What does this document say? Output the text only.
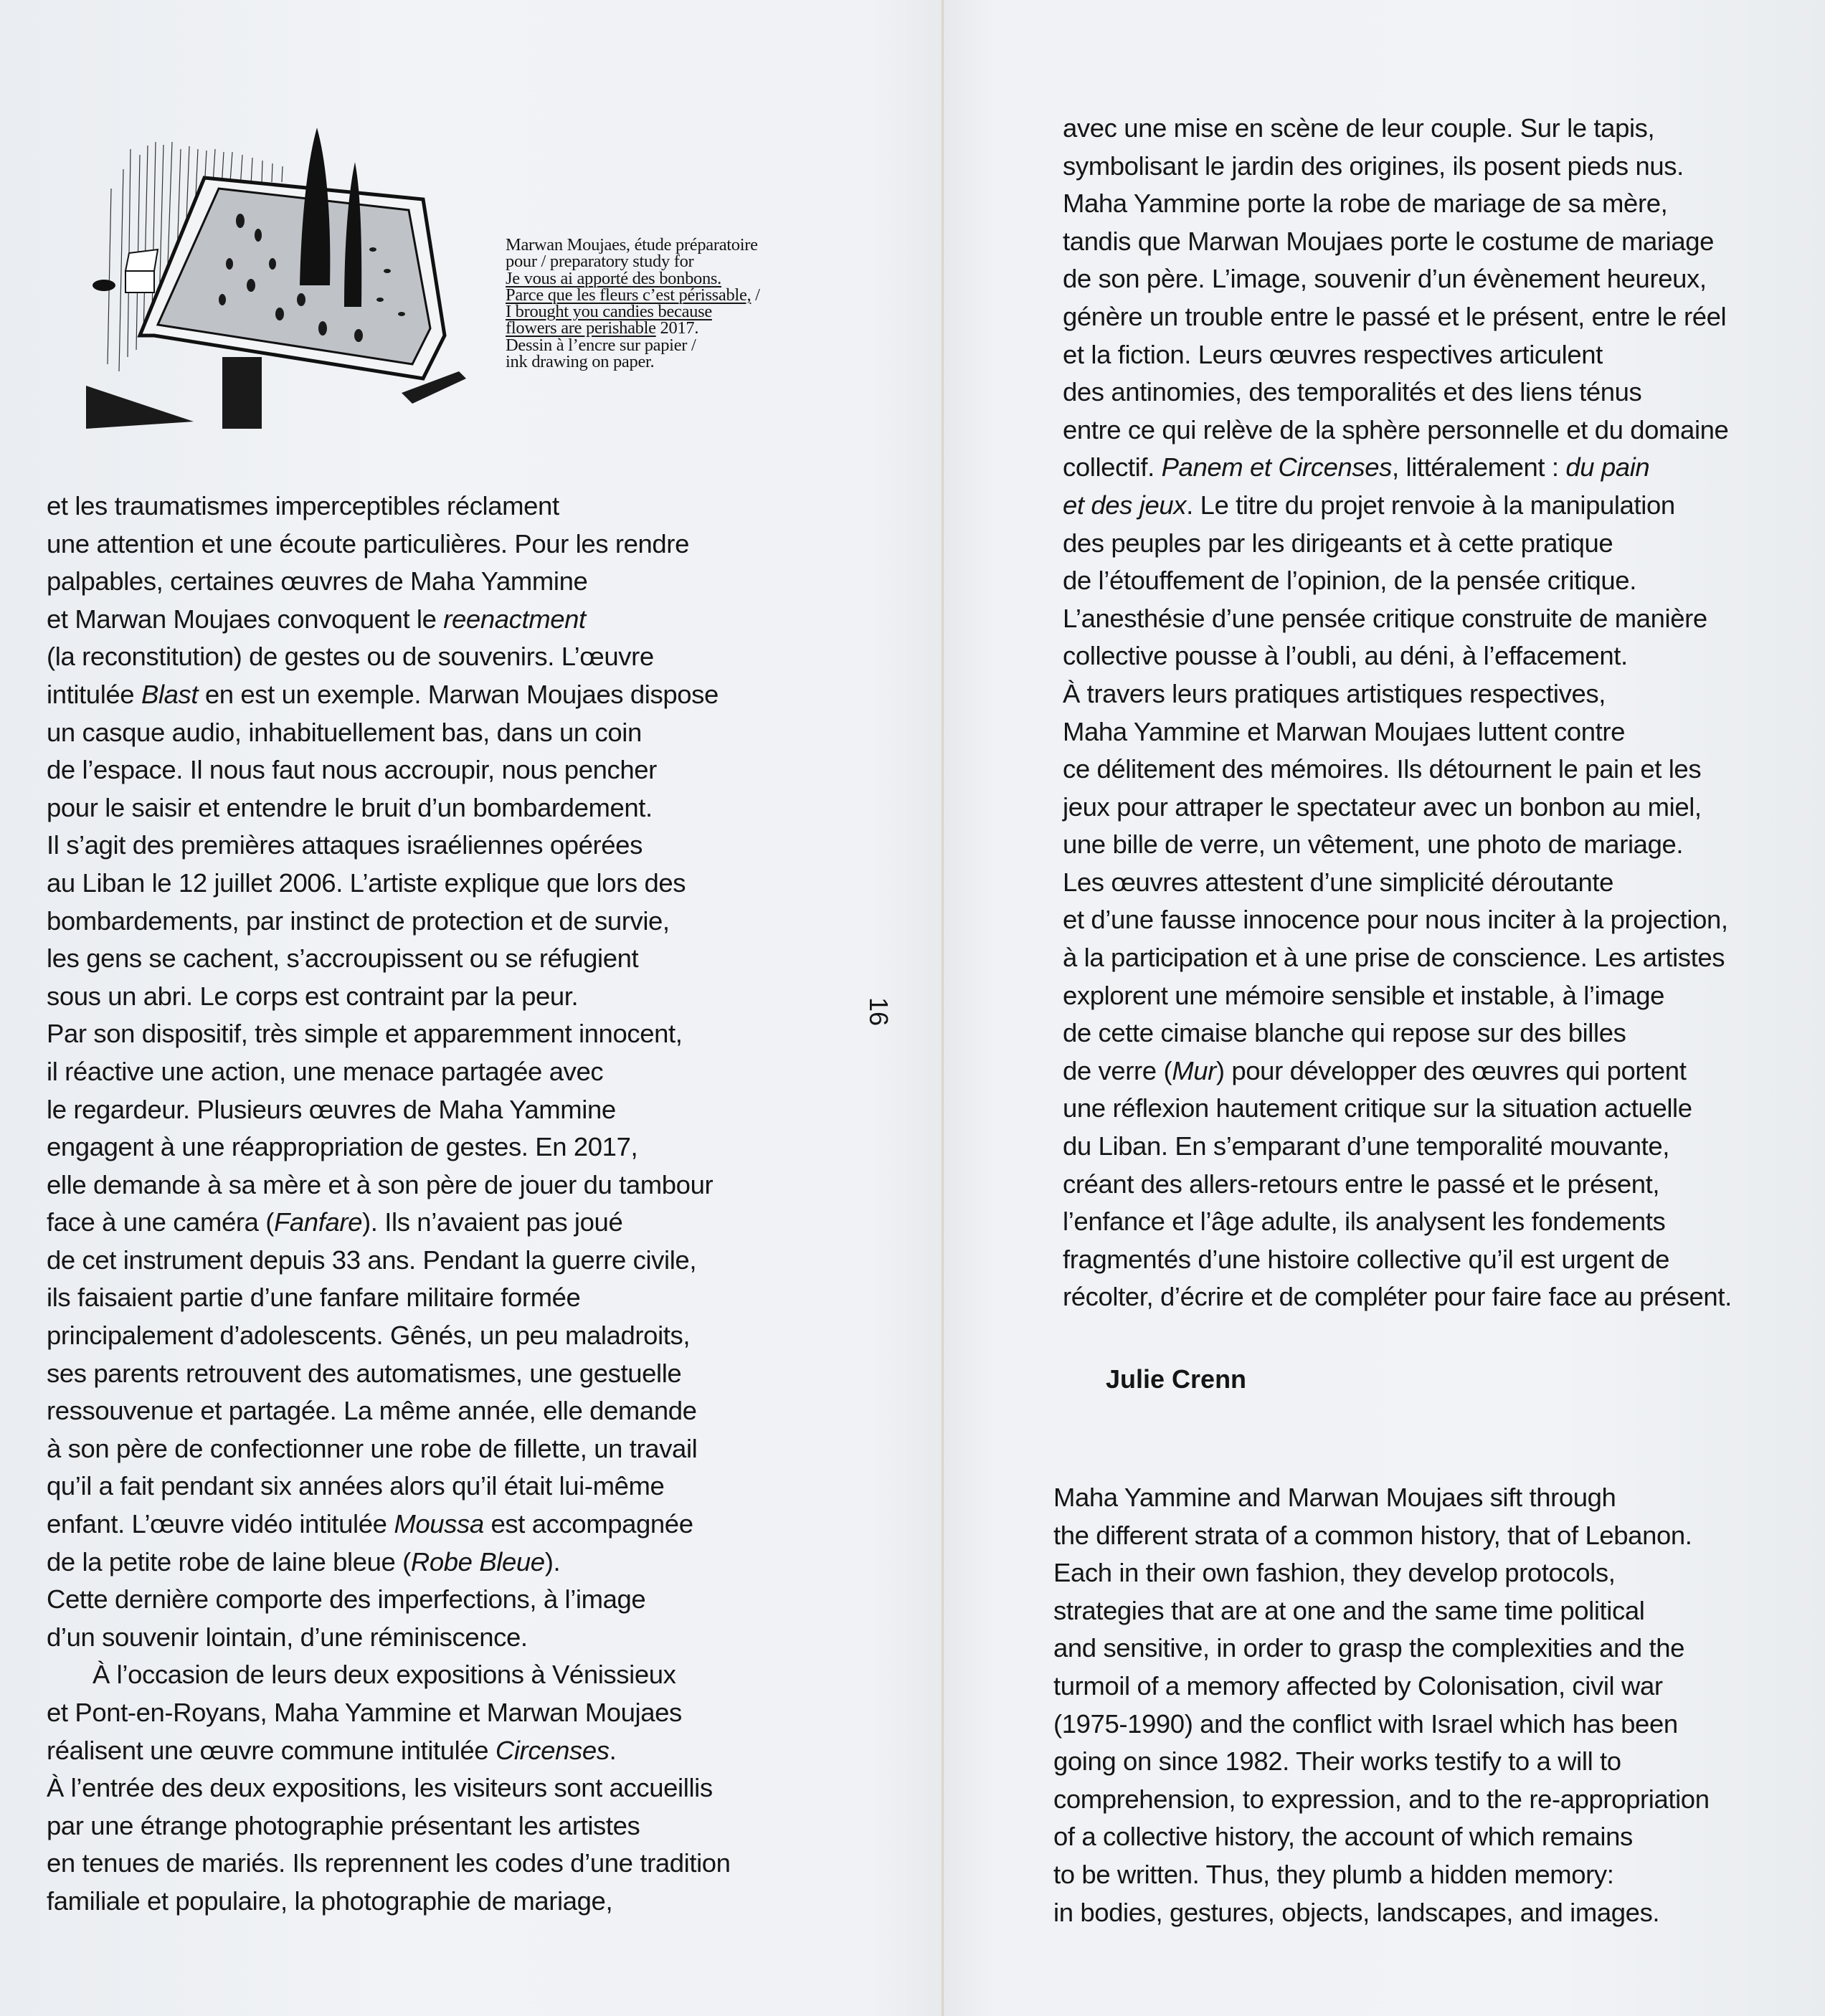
Marwan Moujaes, étude préparatoire
pour / preparatory study for
Je vous ai apporté des bonbons.
Parce que les fleurs c’est périssable, /
I brought you candies because
flowers are perishable 2017.
Dessin à l’encre sur papier /
ink drawing on paper.
et les traumatismes imperceptibles réclament
une attention et une écoute particulières. Pour les rendre
palpables, certaines œuvres de Maha Yammine
et Marwan Moujaes convoquent le reenactment
(la reconstitution) de gestes ou de souvenirs. L’œuvre
intitulée Blast en est un exemple. Marwan Moujaes dispose
un casque audio, inhabituellement bas, dans un coin
de l’espace. Il nous faut nous accroupir, nous pencher
pour le saisir et entendre le bruit d’un bombardement.
Il s’agit des premières attaques israéliennes opérées
au Liban le 12 juillet 2006. L’artiste explique que lors des
bombardements, par instinct de protection et de survie,
les gens se cachent, s’accroupissent ou se réfugient
sous un abri. Le corps est contraint par la peur.
Par son dispositif, très simple et apparemment innocent,
il réactive une action, une menace partagée avec
le regardeur. Plusieurs œuvres de Maha Yammine
engagent à une réappropriation de gestes. En 2017,
elle demande à sa mère et à son père de jouer du tambour
face à une caméra (Fanfare). Ils n’avaient pas joué
de cet instrument depuis 33 ans. Pendant la guerre civile,
ils faisaient partie d’une fanfare militaire formée
principalement d’adolescents. Gênés, un peu maladroits,
ses parents retrouvent des automatismes, une gestuelle
ressouvenue et partagée. La même année, elle demande
à son père de confectionner une robe de fillette, un travail
qu’il a fait pendant six années alors qu’il était lui-même
enfant. L’œuvre vidéo intitulée Moussa est accompagnée
de la petite robe de laine bleue (Robe Bleue).
Cette dernière comporte des imperfections, à l’image
d’un souvenir lointain, d’une réminiscence.
À l’occasion de leurs deux expositions à Vénissieux
et Pont-en-Royans, Maha Yammine et Marwan Moujaes
réalisent une œuvre commune intitulée Circenses.
À l’entrée des deux expositions, les visiteurs sont accueillis
par une étrange photographie présentant les artistes
en tenues de mariés. Ils reprennent les codes d’une tradition
familiale et populaire, la photographie de mariage,
16
avec une mise en scène de leur couple. Sur le tapis,
symbolisant le jardin des origines, ils posent pieds nus.
Maha Yammine porte la robe de mariage de sa mère,
tandis que Marwan Moujaes porte le costume de mariage
de son père. L’image, souvenir d’un évènement heureux,
génère un trouble entre le passé et le présent, entre le réel
et la fiction. Leurs œuvres respectives articulent
des antinomies, des temporalités et des liens ténus
entre ce qui relève de la sphère personnelle et du domaine
collectif. Panem et Circenses, littéralement : du pain
et des jeux. Le titre du projet renvoie à la manipulation
des peuples par les dirigeants et à cette pratique
de l’étouffement de l’opinion, de la pensée critique.
L’anesthésie d’une pensée critique construite de manière
collective pousse à l’oubli, au déni, à l’effacement.
À travers leurs pratiques artistiques respectives,
Maha Yammine et Marwan Moujaes luttent contre
ce délitement des mémoires. Ils détournent le pain et les
jeux pour attraper le spectateur avec un bonbon au miel,
une bille de verre, un vêtement, une photo de mariage.
Les œuvres attestent d’une simplicité déroutante
et d’une fausse innocence pour nous inciter à la projection,
à la participation et à une prise de conscience. Les artistes
explorent une mémoire sensible et instable, à l’image
de cette cimaise blanche qui repose sur des billes
de verre (Mur) pour développer des œuvres qui portent
une réflexion hautement critique sur la situation actuelle
du Liban. En s’emparant d’une temporalité mouvante,
créant des allers-retours entre le passé et le présent,
l’enfance et l’âge adulte, ils analysent les fondements
fragmentés d’une histoire collective qu’il est urgent de
récolter, d’écrire et de compléter pour faire face au présent.
Julie Crenn
Maha Yammine and Marwan Moujaes sift through
the different strata of a common history, that of Lebanon.
Each in their own fashion, they develop protocols,
strategies that are at one and the same time political
and sensitive, in order to grasp the complexities and the
turmoil of a memory affected by Colonisation, civil war
(1975-1990) and the conflict with Israel which has been
going on since 1982. Their works testify to a will to
comprehension, to expression, and to the re-appropriation
of a collective history, the account of which remains
to be written. Thus, they plumb a hidden memory:
in bodies, gestures, objects, landscapes, and images.
